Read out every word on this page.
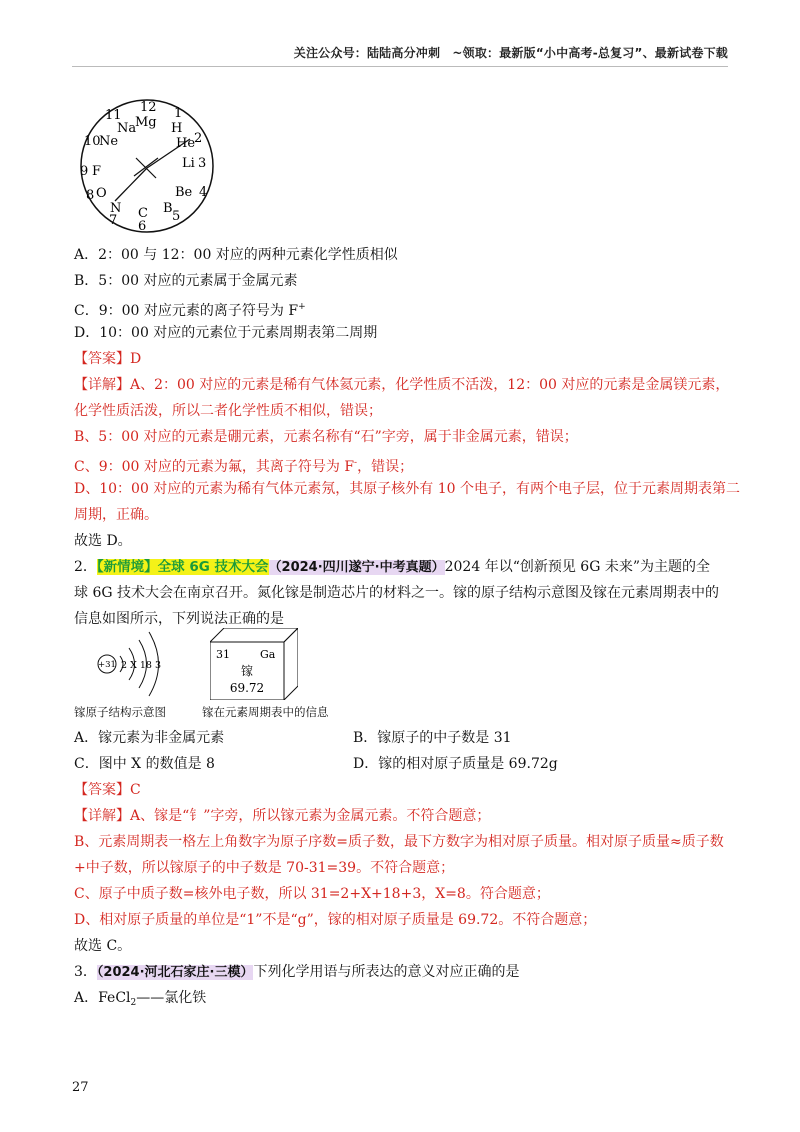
关注公众号：陆陆高分冲刺　~领取：最新版“小中高考-总复习”、最新试卷下载
12
Mg
1
H
11
Na
He
2
10
Ne
Li 3
9 F
Be 4
8 O
N
7 C
6
B
5
A．2：00 与 12：00 对应的两种元素化学性质相似
B．5：00 对应的元素属于金属元素
C．9：00 对应元素的离子符号为 F+
D．10：00 对应的元素位于元素周期表第二周期
【答案】D
【详解】A、2：00 对应的元素是稀有气体氦元素，化学性质不活泼，12：00 对应的元素是金属镁元素，
化学性质活泼，所以二者化学性质不相似，错误；
B、5：00 对应的元素是硼元素，元素名称有“石”字旁，属于非金属元素，错误；
C、9：00 对应的元素为氟，其离子符号为 F-，错误；
D、10：00 对应的元素为稀有气体元素氖，其原子核外有 10 个电子，有两个电子层，位于元素周期表第二
周期，正确。
故选 D。
2．【新情境】全球 6G 技术大会（2024·四川遂宁·中考真题）2024 年以“创新预见 6G 未来”为主题的全
球 6G 技术大会在南京召开。氮化镓是制造芯片的材料之一。镓的原子结构示意图及镓在元素周期表中的
信息如图所示，下列说法正确的是
+31 2 X 18 3
31	Ga
镓
69.72
镓原子结构示意图	镓在元素周期表中的信息
A．镓元素为非金属元素	B．镓原子的中子数是 31
C．图中 X 的数值是 8	D．镓的相对原子质量是 69.72g
【答案】C
【详解】A、镓是“钅”字旁，所以镓元素为金属元素。不符合题意；
B、元素周期表一格左上角数字为原子序数=质子数，最下方数字为相对原子质量。相对原子质量≈质子数
+中子数，所以镓原子的中子数是 70-31=39。不符合题意；
C、原子中质子数=核外电子数，所以 31=2+X+18+3，X=8。符合题意；
D、相对原子质量的单位是“1”不是“g”，镓的相对原子质量是 69.72。不符合题意；
故选 C。
3．（2024·河北石家庄·三模）下列化学用语与所表达的意义对应正确的是
A．FeCl$_2$——氯化铁
27
